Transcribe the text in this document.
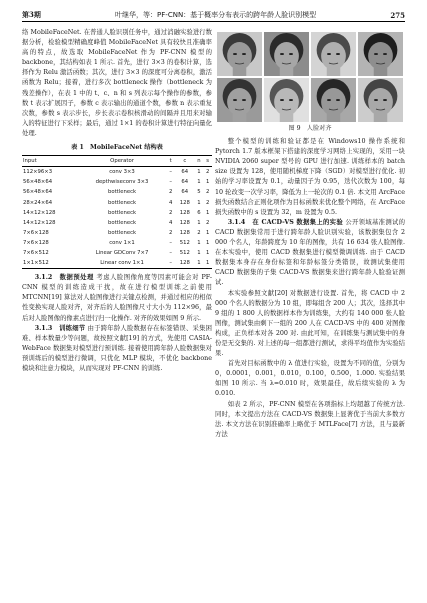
第3期	叶继华，等：PF-CNN：基于概率分布表示的跨年龄人脸识别模型	275

络 MobileFaceNet. 在普通人脸识别任务中，通过消融实验进行数据分析，检验模型精确度峰值 MobileFaceNet 具有较快且准确率高的特点，故选取 MobileFaceNet 作为 PF-CNN 模型的 backbone，其结构如表 1 所示. 首先，进行 3×3 的卷积计算，选择作为 Relu 激活函数；其次，进行 3×3 的深度可分离卷积，激活函数为 Relu；接着，进行多次 bottleneck 操作（bottleneck 为残差操作），在表 1 中的 t、c、n 和 s 列表示每个操作的参数，参数 t 表示扩展因子，参数 c 表示输出的通道个数，参数 n 表示重复次数，参数 s 表示步长，步长表示卷积核滑动的间隔并且用来对输入的特征进行下采样；最后，通过 1×1 的卷积计算进行特征向量化处理.

表 1　MobileFaceNet 结构表
Input	Operator	t	c	n	s
112×96×3	conv 3×3	–	64	1	2
56×48×64	depthwiseconv 3×3	–	64	1	1
56×48×64	bottleneck	2	64	5	2
28×24×64	bottleneck	4	128	1	2
14×12×128	bottleneck	2	128	6	1
14×12×128	bottleneck	4	128	1	2
7×6×128	bottleneck	2	128	2	1
7×6×128	conv 1×1	–	512	1	1
7×6×512	Linear GDConv 7×7	–	512	1	1
1×1×512	Linear conv 1×1	–	128	1	1

3.1.2　数据预处理 考虑人脸图像角度等因素可能会对 PF-CNN 模型的训练造成干扰，故在进行模型训练之前使用 MTCNN[19] 算法对人脸图像进行关键点检测，并通过相应的相似性变换实现人脸对齐，对齐后的人脸图像尺寸大小为 112×96，最后对人脸图像的像素点进行归一化操作. 对齐的效果如图 9 所示.

3.1.3　训练细节 由于跨年龄人脸数据存在标签错误、采集困难、样本数量少等问题，故按照文献[19] 的方式，先使用 CASIA-WebFace 数据集对模型进行预训练. 接着使用跨年龄人脸数据集对预训练后的模型进行微调，只优化 MLP 模块，不优化 backbone 模块和注意力模块，从而实现对 PF-CNN 的训练.

图 9　人脸对齐

整个模型的训练和验证都是在 Windows10 操作系统和 Pytorch 1.7 版本框架下搭建的深度学习网络上实现的，采用一块 NVIDIA 2060 super 型号的 GPU 进行加速. 训练样本的 batch size 设置为 128，使用随机梯度下降（SGD）对模型进行优化. 初始的学习率设置为 0.1，动量因子为 0.95，迭代次数为 100，每 10 轮改变一次学习率，降低为上一轮次的 0.1 倍. 本文用 ArcFace 损失函数结合正则化项作为目标函数来优化整个网络，在 ArcFace 损失函数中的 s 设置为 32，m 设置为 0.5.

3.1.4　在 CACD-VS 数据集上的实验 公开领域基准测试的 CACD 数据集常用于进行跨年龄人脸识别实验，该数据集包含 2 000 个名人，年龄跨度为 10 年的图像，共有 16 634 张人脸图像. 在本实验中，使用 CACD 数据集进行模型微调训练. 由于 CACD 数据集本身存在身份标签和年龄标签分类错误，故测试集使用 CACD 数据集的子集 CACD-VS 数据集来进行跨年龄人脸验证测试.

本实验参照文献[20] 对数据进行设置. 首先，将 CACD 中 2 000 个名人的数据分为 10 组，即每组含 200 人；其次，选择其中 9 组的 1 800 人的数据样本作为训练集，大约有 140 000 张人脸图像，测试集由剩下一组的 200 人在 CACD-VS 中的 400 对图像构成，正负样本对各 200 对. 由此可知，在训练集与测试集中的身份是无交集的. 对上述的每一组都进行测试，求得平均值作为实验结果.

首先对目标函数中的 λ 值进行实验，设置为不同的值，分别为 0，0.0001，0.001，0.010，0.100，0.500，1.000. 实验结果如图 10 所示. 当 λ=0.010 时，效果最佳，故后续实验的 λ 为 0.010.

如表 2 所示，PF-CNN 模型在各项指标上均超越了传统方法. 同时，本文提出方法在 CACD-VS 数据集上显著优于当前大多数方法. 本文方法在识别准确率上略优于 MTLFace[7] 方法，且与最新方法
